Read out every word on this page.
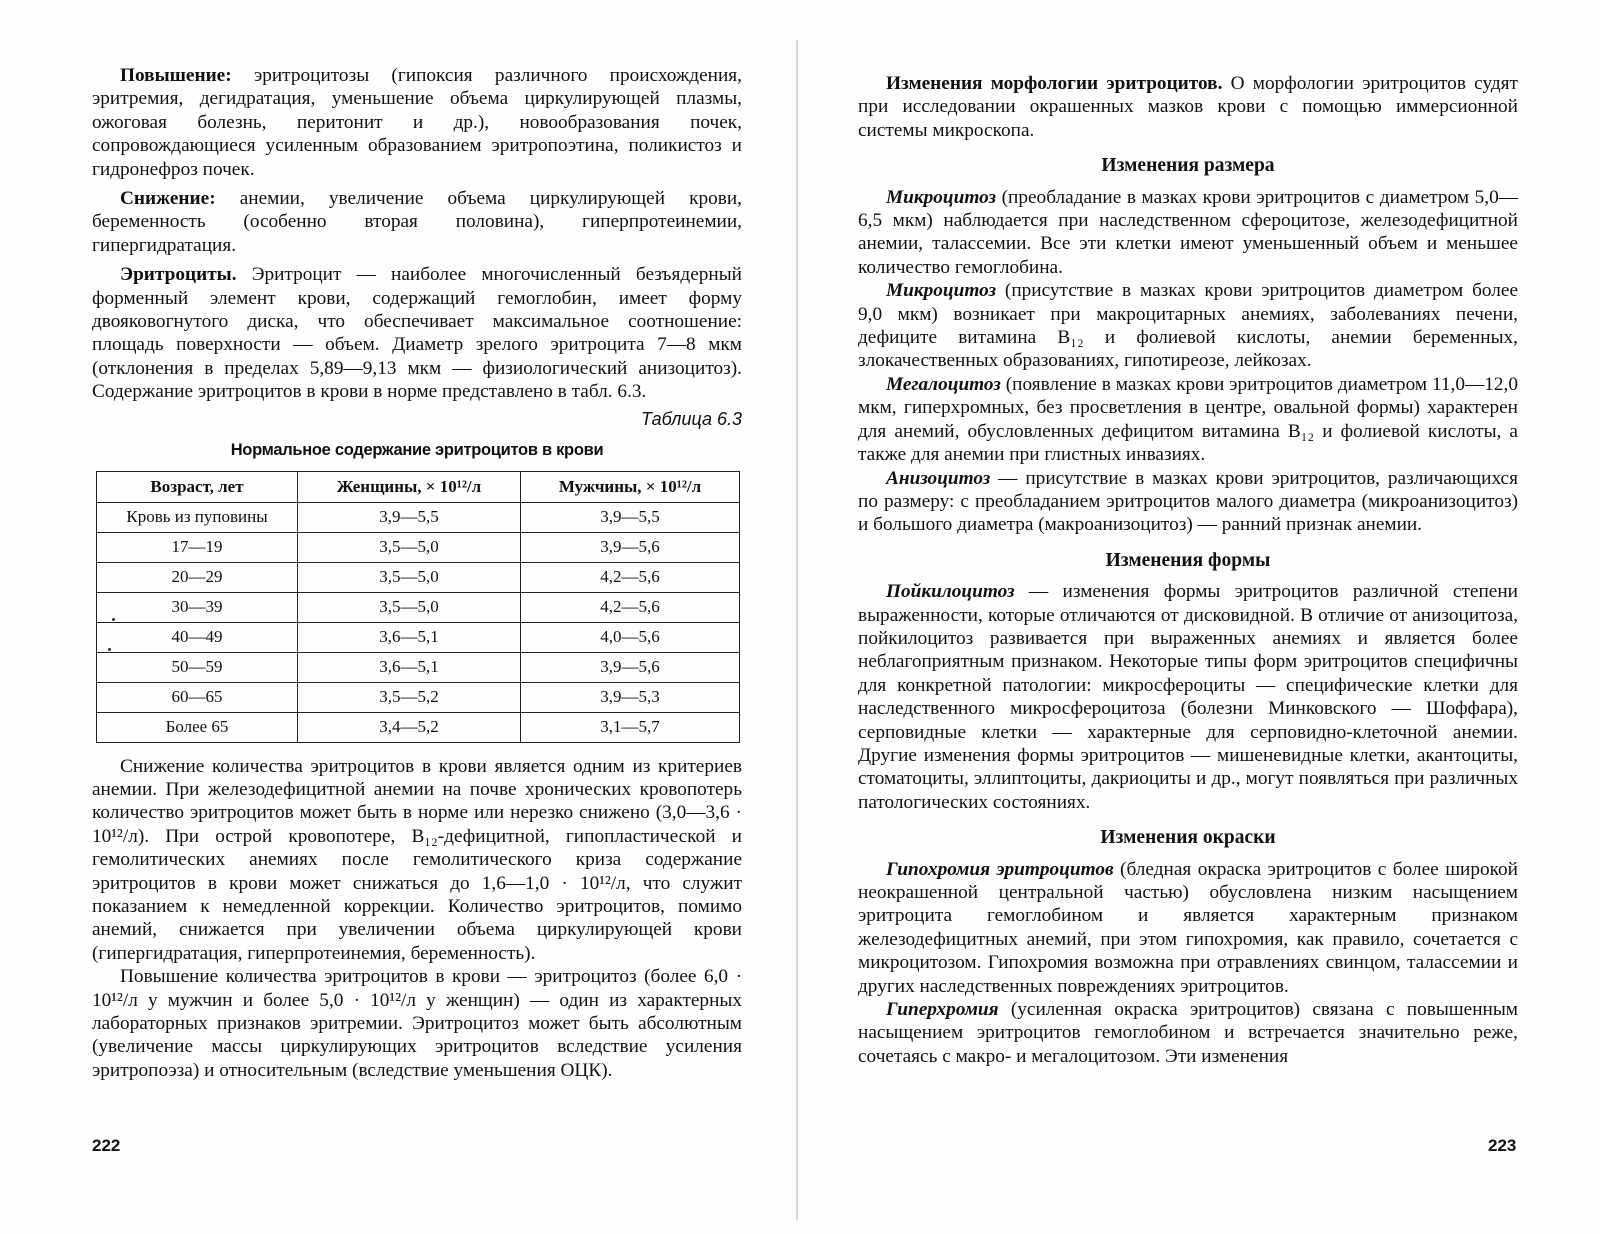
Повышение: эритроцитозы (гипоксия различного происхождения, эритремия, дегидратация, уменьшение объема циркулирующей плазмы, ожоговая болезнь, перитонит и др.), новообразования почек, сопровождающиеся усиленным образованием эритропоэтина, поликистоз и гидронефроз почек.

Снижение: анемии, увеличение объема циркулирующей крови, беременность (особенно вторая половина), гиперпротеинемии, гипергидратация.

Эритроциты. Эритроцит — наиболее многочисленный безъядерный форменный элемент крови, содержащий гемоглобин, имеет форму двояковогнутого диска, что обеспечивает максимальное соотношение: площадь поверхности — объем. Диаметр зрелого эритроцита 7—8 мкм (отклонения в пределах 5,89—9,13 мкм — физиологический анизоцитоз). Содержание эритроцитов в крови в норме представлено в табл. 6.3.

Таблица 6.3
Нормальное содержание эритроцитов в крови
Возраст, лет	Женщины, × 10¹²/л	Мужчины, × 10¹²/л
Кровь из пуповины	3,9—5,5	3,9—5,5
17—19	3,5—5,0	3,9—5,6
20—29	3,5—5,0	4,2—5,6
30—39	3,5—5,0	4,2—5,6
40—49	3,6—5,1	4,0—5,6
50—59	3,6—5,1	3,9—5,6
60—65	3,5—5,2	3,9—5,3
Более 65	3,4—5,2	3,1—5,7

Снижение количества эритроцитов в крови является одним из критериев анемии. При железодефицитной анемии на почве хронических кровопотерь количество эритроцитов может быть в норме или нерезко снижено (3,0—3,6 · 10¹²/л). При острой кровопотере, B₁₂-дефицитной, гипопластической и гемолитических анемиях после гемолитического криза содержание эритроцитов в крови может снижаться до 1,6—1,0 · 10¹²/л, что служит показанием к немедленной коррекции. Количество эритроцитов, помимо анемий, снижается при увеличении объема циркулирующей крови (гипергидратация, гиперпротеинемия, беременность).

Повышение количества эритроцитов в крови — эритроцитоз (более 6,0 · 10¹²/л у мужчин и более 5,0 · 10¹²/л у женщин) — один из характерных лабораторных признаков эритремии. Эритроцитоз может быть абсолютным (увеличение массы циркулирующих эритроцитов вследствие усиления эритропоэза) и относительным (вследствие уменьшения ОЦК).

222

Изменения морфологии эритроцитов. О морфологии эритроцитов судят при исследовании окрашенных мазков крови с помощью иммерсионной системы микроскопа.

Изменения размера

Микроцитоз (преобладание в мазках крови эритроцитов с диаметром 5,0—6,5 мкм) наблюдается при наследственном сфероцитозе, железодефицитной анемии, талассемии. Все эти клетки имеют уменьшенный объем и меньшее количество гемоглобина.

Микроцитоз (присутствие в мазках крови эритроцитов диаметром более 9,0 мкм) возникает при макроцитарных анемиях, заболеваниях печени, дефиците витамина B₁₂ и фолиевой кислоты, анемии беременных, злокачественных образованиях, гипотиреозе, лейкозах.

Мегалоцитоз (появление в мазках крови эритроцитов диаметром 11,0—12,0 мкм, гиперхромных, без просветления в центре, овальной формы) характерен для анемий, обусловленных дефицитом витамина B₁₂ и фолиевой кислоты, а также для анемии при глистных инвазиях.

Анизоцитоз — присутствие в мазках крови эритроцитов, различающихся по размеру: с преобладанием эритроцитов малого диаметра (микроанизоцитоз) и большого диаметра (макроанизоцитоз) — ранний признак анемии.

Изменения формы

Пойкилоцитоз — изменения формы эритроцитов различной степени выраженности, которые отличаются от дисковидной. В отличие от анизоцитоза, пойкилоцитоз развивается при выраженных анемиях и является более неблагоприятным признаком. Некоторые типы форм эритроцитов специфичны для конкретной патологии: микросфероциты — специфические клетки для наследственного микросфероцитоза (болезни Минковского — Шоффара), серповидные клетки — характерные для серповидно-клеточной анемии. Другие изменения формы эритроцитов — мишеневидные клетки, акантоциты, стоматоциты, эллиптоциты, дакриоциты и др., могут появляться при различных патологических состояниях.

Изменения окраски

Гипохромия эритроцитов (бледная окраска эритроцитов с более широкой неокрашенной центральной частью) обусловлена низким насыщением эритроцита гемоглобином и является характерным признаком железодефицитных анемий, при этом гипохромия, как правило, сочетается с микроцитозом. Гипохромия возможна при отравлениях свинцом, талассемии и других наследственных повреждениях эритроцитов.

Гиперхромия (усиленная окраска эритроцитов) связана с повышенным насыщением эритроцитов гемоглобином и встречается значительно реже, сочетаясь с макро- и мегалоцитозом. Эти изменения

223
